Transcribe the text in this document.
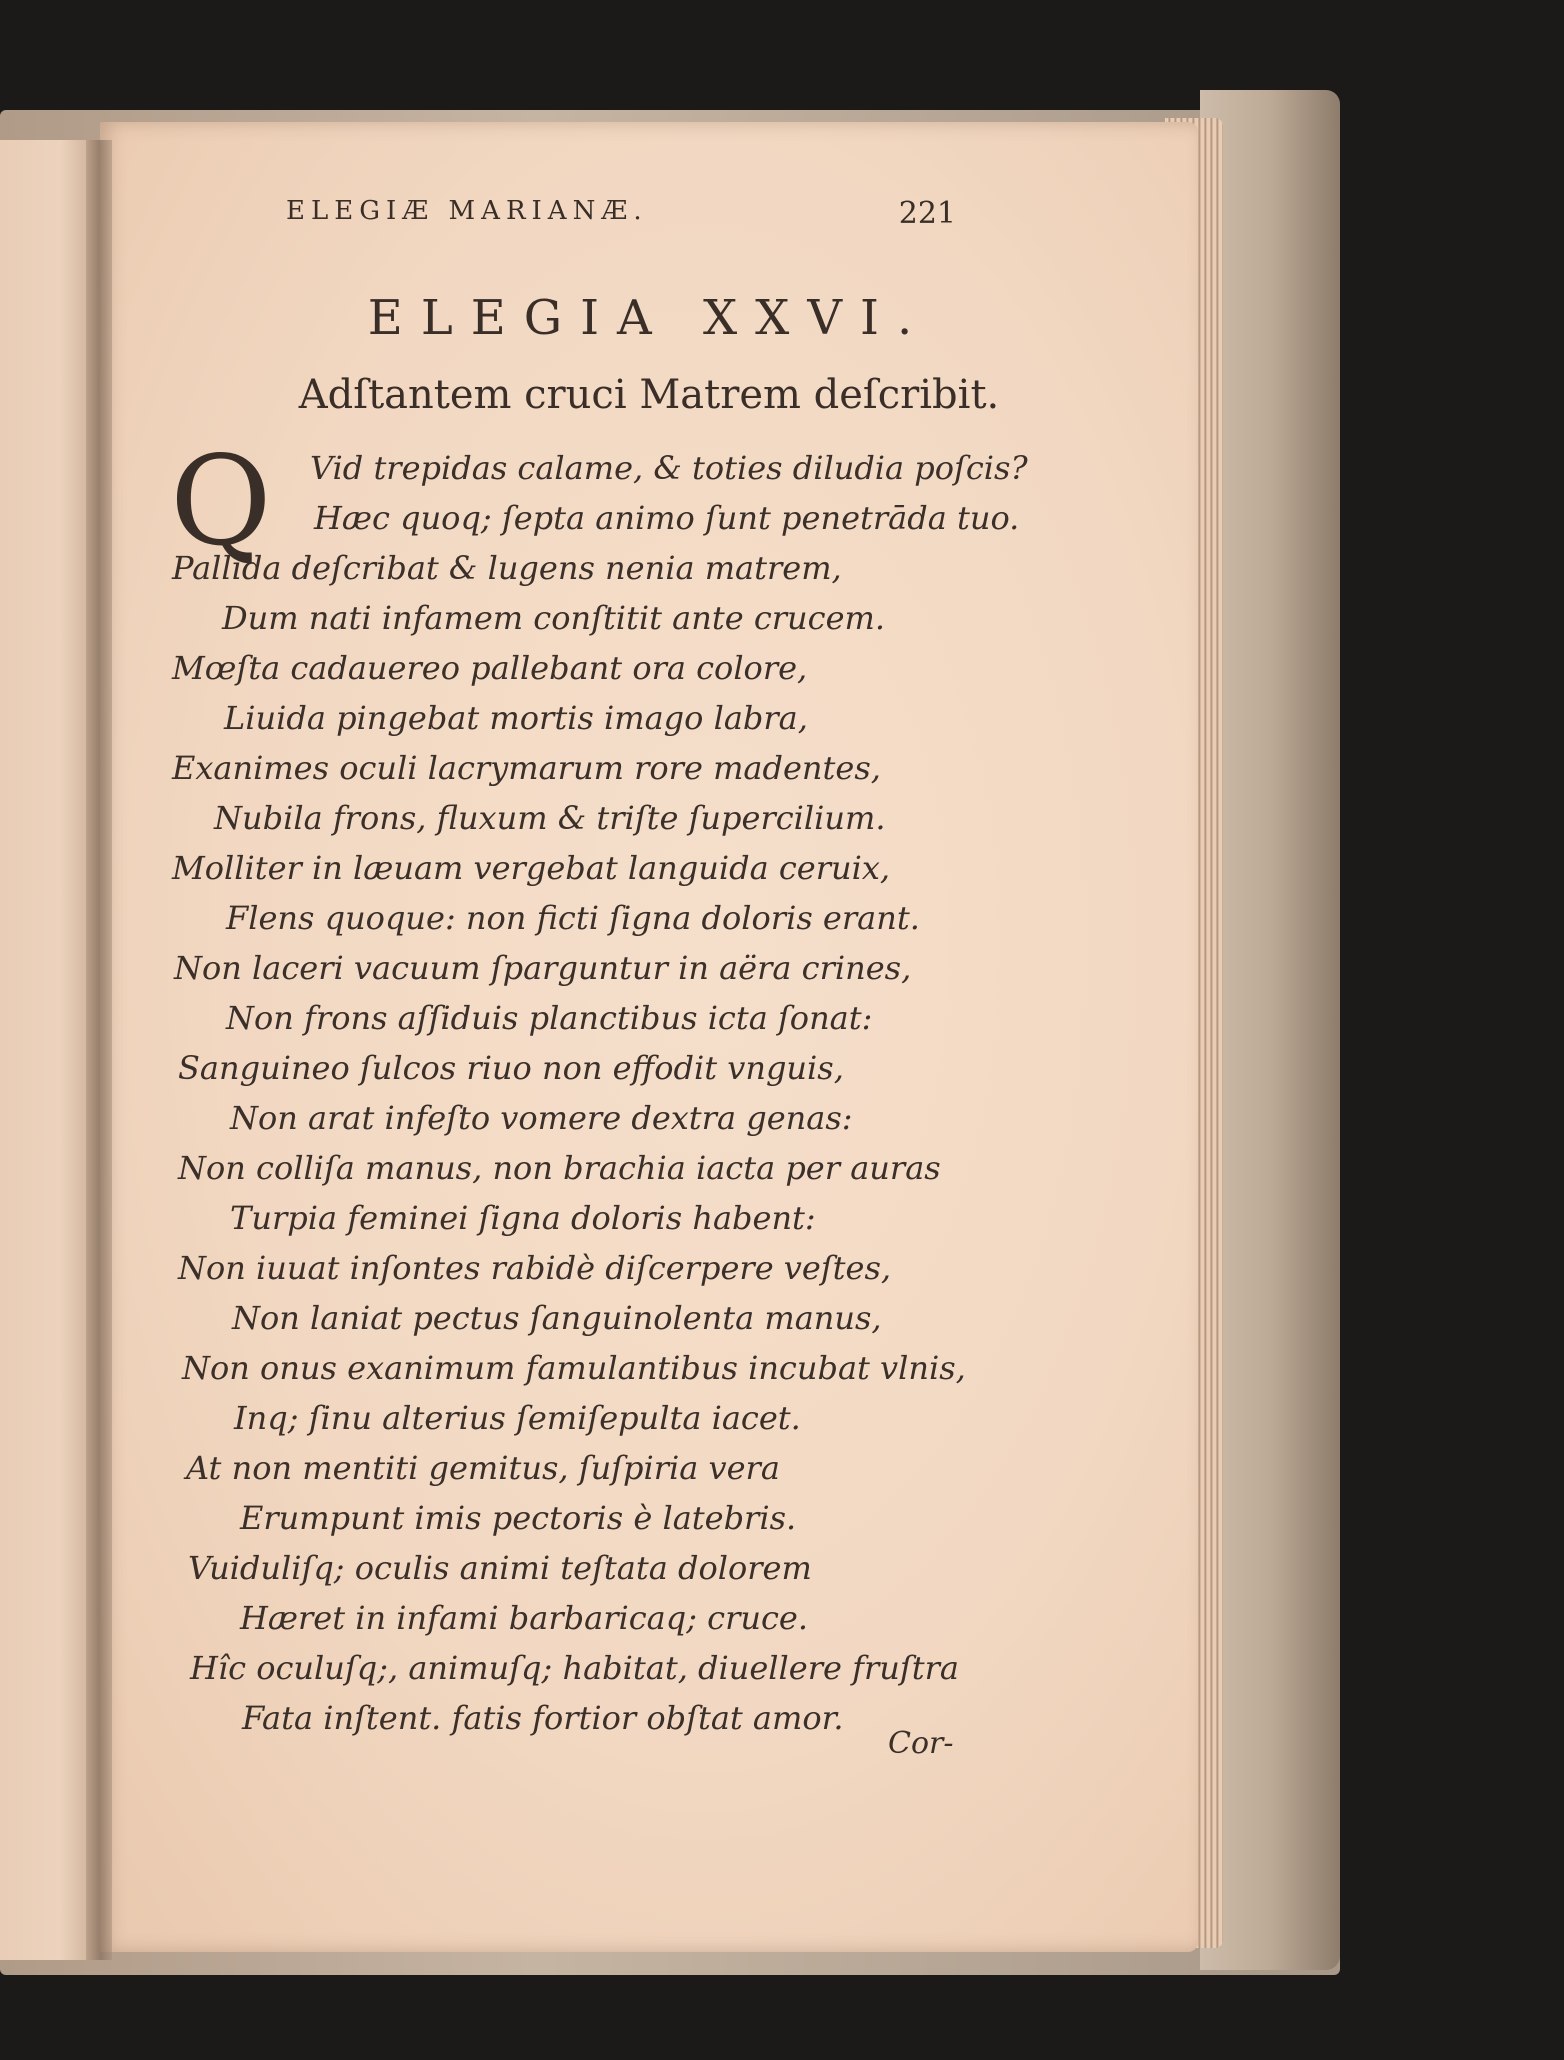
ELEGIÆ MARIANÆ.	221
ELEGIA XXVI.
Adſtantem cruci Matrem deſcribit.
Q Vid trepidas calame, & toties diludia poſcis?
Hæc quoq; ſepta animo ſunt penetrāda tuo.
Pallida deſcribat & lugens nenia matrem,
Dum nati infamem conſtitit ante crucem.
Mœſta cadauereo pallebant ora colore,
Liuida pingebat mortis imago labra,
Exanimes oculi lacrymarum rore madentes,
Nubila frons, fluxum & triſte ſupercilium.
Molliter in læuam vergebat languida ceruix,
Flens quoque: non ficti ſigna doloris erant.
Non laceri vacuum ſparguntur in aëra crines,
Non frons aſſiduis planctibus icta ſonat:
Sanguineo ſulcos riuo non effodit vnguis,
Non arat infeſto vomere dextra genas:
Non colliſa manus, non brachia iacta per auras
Turpia feminei ſigna doloris habent:
Non iuuat inſontes rabidè diſcerpere veſtes,
Non laniat pectus ſanguinolenta manus,
Non onus exanimum famulantibus incubat vlnis,
Inq; ſinu alterius ſemiſepulta iacet.
At non mentiti gemitus, ſuſpiria vera
Erumpunt imis pectoris è latebris.
Vuiduliſq; oculis animi teſtata dolorem
Hæret in infami barbaricaq; cruce.
Hîc oculuſq;, animuſq; habitat, diuellere fruſtra
Fata inſtent. fatis fortior obſtat amor.
Cor-
